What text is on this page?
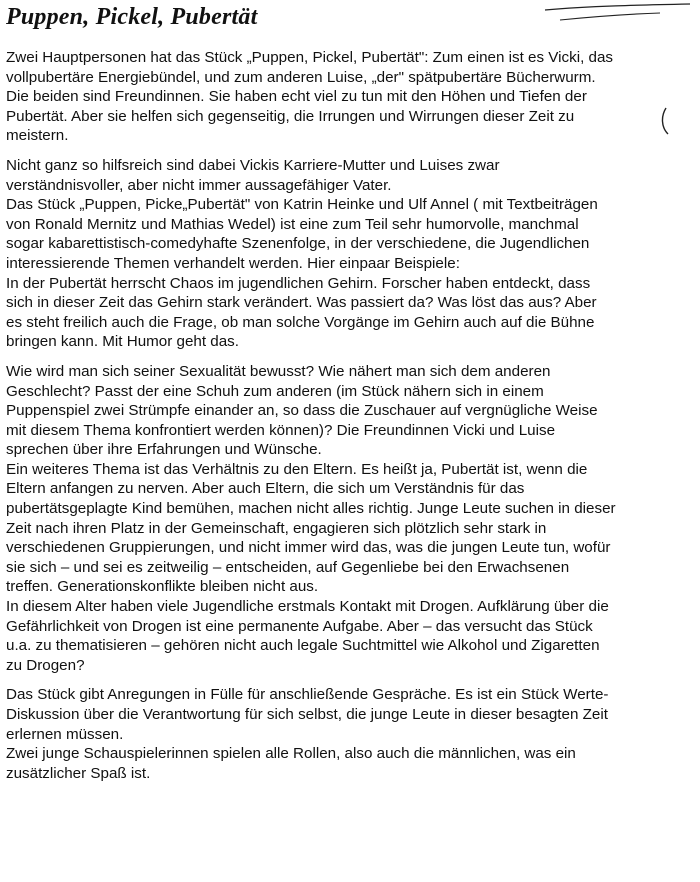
Puppen, Pickel, Pubertät

Zwei Hauptpersonen hat das Stück „Puppen, Pickel, Pubertät": Zum einen ist es Vicki, das
vollpubertäre Energiebündel, und zum anderen Luise, „der" spätpubertäre Bücherwurm.
Die beiden sind Freundinnen. Sie haben echt viel zu tun mit den Höhen und Tiefen der
Pubertät. Aber sie helfen sich gegenseitig, die Irrungen und Wirrungen dieser Zeit zu
meistern.

Nicht ganz so hilfsreich sind dabei Vickis Karriere-Mutter und Luises zwar
verständnisvoller, aber nicht immer aussagefähiger Vater.

Das Stück „Puppen, Picke„Pubertät" von Katrin Heinke und Ulf Annel ( mit Textbeiträgen
von Ronald Mernitz und Mathias Wedel) ist eine zum Teil sehr humorvolle, manchmal
sogar kabarettistisch-comedyhafte Szenenfolge, in der verschiedene, die Jugendlichen
interessierende Themen verhandelt werden. Hier einpaar Beispiele:

In der Pubertät herrscht Chaos im jugendlichen Gehirn. Forscher haben entdeckt, dass
sich in dieser Zeit das Gehirn stark verändert. Was passiert da? Was löst das aus? Aber
es steht freilich auch die Frage, ob man solche Vorgänge im Gehirn auch auf die Bühne
bringen kann. Mit Humor geht das.

Wie wird man sich seiner Sexualität bewusst? Wie nähert man sich dem anderen
Geschlecht? Passt der eine Schuh zum anderen (im Stück nähern sich in einem
Puppenspiel zwei Strümpfe einander an, so dass die Zuschauer auf vergnügliche Weise
mit diesem Thema konfrontiert werden können)? Die Freundinnen Vicki und Luise
sprechen über ihre Erfahrungen und Wünsche.

Ein weiteres Thema ist das Verhältnis zu den Eltern. Es heißt ja, Pubertät ist, wenn die
Eltern anfangen zu nerven. Aber auch Eltern, die sich um Verständnis für das
pubertätsgeplagte Kind bemühen, machen nicht alles richtig. Junge Leute suchen in dieser
Zeit nach ihren Platz in der Gemeinschaft, engagieren sich plötzlich sehr stark in
verschiedenen Gruppierungen, und nicht immer wird das, was die jungen Leute tun, wofür
sie sich – und sei es zeitweilig – entscheiden, auf Gegenliebe bei den Erwachsenen
treffen. Generationskonflikte bleiben nicht aus.

In diesem Alter haben viele Jugendliche erstmals Kontakt mit Drogen. Aufklärung über die
Gefährlichkeit von Drogen ist eine permanente Aufgabe. Aber – das versucht das Stück
u.a. zu thematisieren – gehören nicht auch legale Suchtmittel wie Alkohol und Zigaretten
zu Drogen?

Das Stück gibt Anregungen in Fülle für anschließende Gespräche. Es ist ein Stück Werte-
Diskussion über die Verantwortung für sich selbst, die junge Leute in dieser besagten Zeit
erlernen müssen.

Zwei junge Schauspielerinnen spielen alle Rollen, also auch die männlichen, was ein
zusätzlicher Spaß ist.
